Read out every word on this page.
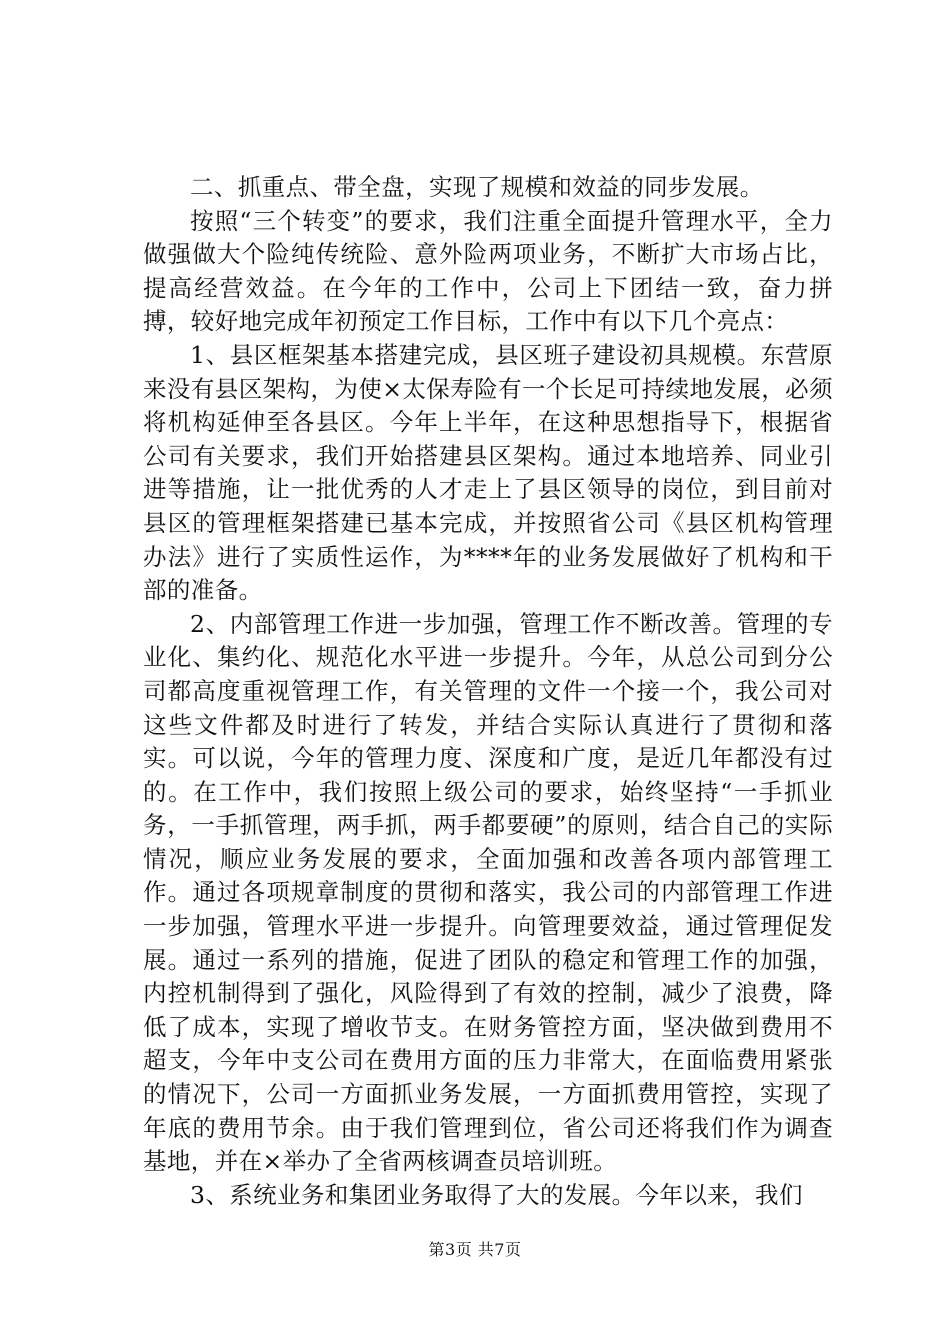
二、抓重点、带全盘，实现了规模和效益的同步发展。

按照“三个转变”的要求，我们注重全面提升管理水平，全力做强做大个险纯传统险、意外险两项业务，不断扩大市场占比，提高经营效益。在今年的工作中，公司上下团结一致，奋力拼搏，较好地完成年初预定工作目标，工作中有以下几个亮点：

1、县区框架基本搭建完成，县区班子建设初具规模。东营原来没有县区架构，为使×太保寿险有一个长足可持续地发展，必须将机构延伸至各县区。今年上半年，在这种思想指导下，根据省公司有关要求，我们开始搭建县区架构。通过本地培养、同业引进等措施，让一批优秀的人才走上了县区领导的岗位，到目前对县区的管理框架搭建已基本完成，并按照省公司《县区机构管理办法》进行了实质性运作，为****年的业务发展做好了机构和干部的准备。

2、内部管理工作进一步加强，管理工作不断改善。管理的专业化、集约化、规范化水平进一步提升。今年，从总公司到分公司都高度重视管理工作，有关管理的文件一个接一个，我公司对这些文件都及时进行了转发，并结合实际认真进行了贯彻和落实。可以说，今年的管理力度、深度和广度，是近几年都没有过的。在工作中，我们按照上级公司的要求，始终坚持“一手抓业务，一手抓管理，两手抓，两手都要硬”的原则，结合自己的实际情况，顺应业务发展的要求，全面加强和改善各项内部管理工作。通过各项规章制度的贯彻和落实，我公司的内部管理工作进一步加强，管理水平进一步提升。向管理要效益，通过管理促发展。通过一系列的措施，促进了团队的稳定和管理工作的加强，内控机制得到了强化，风险得到了有效的控制，减少了浪费，降低了成本，实现了增收节支。在财务管控方面，坚决做到费用不超支，今年中支公司在费用方面的压力非常大，在面临费用紧张的情况下，公司一方面抓业务发展，一方面抓费用管控，实现了年底的费用节余。由于我们管理到位，省公司还将我们作为调查基地，并在×举办了全省两核调查员培训班。

3、系统业务和集团业务取得了大的发展。今年以来，我们

第3页 共7页
